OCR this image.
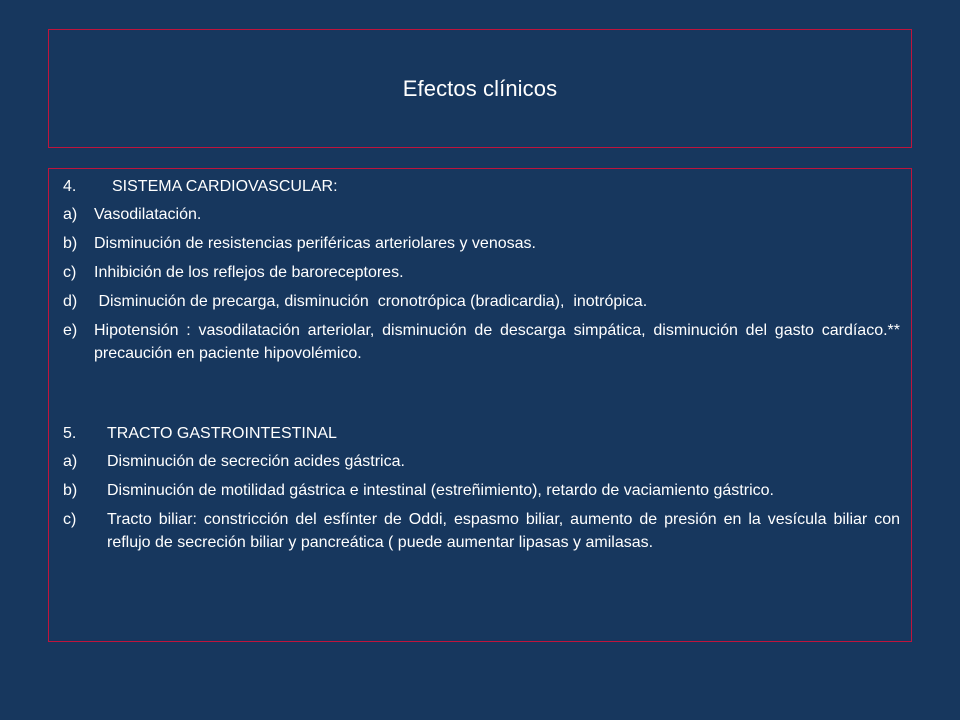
Efectos clínicos
4.	SISTEMA CARDIOVASCULAR:
a)	Vasodilatación.
b)	Disminución de resistencias periféricas arteriolares y venosas.
c)	Inhibición de los reflejos de baroreceptores.
d)	Disminución de precarga, disminución  cronotrópica (bradicardia),  inotrópica.
e)	Hipotensión : vasodilatación arteriolar, disminución de descarga simpática, disminución del gasto cardíaco.** precaución en paciente hipovolémico.
5.	TRACTO GASTROINTESTINAL
a)	Disminución de secreción acides gástrica.
b)	Disminución de motilidad gástrica e intestinal (estreñimiento), retardo de vaciamiento gástrico.
c)	Tracto biliar: constricción del esfínter de Oddi, espasmo biliar, aumento de presión en la vesícula biliar con reflujo de secreción biliar y pancreática ( puede aumentar lipasas y amilasas.
